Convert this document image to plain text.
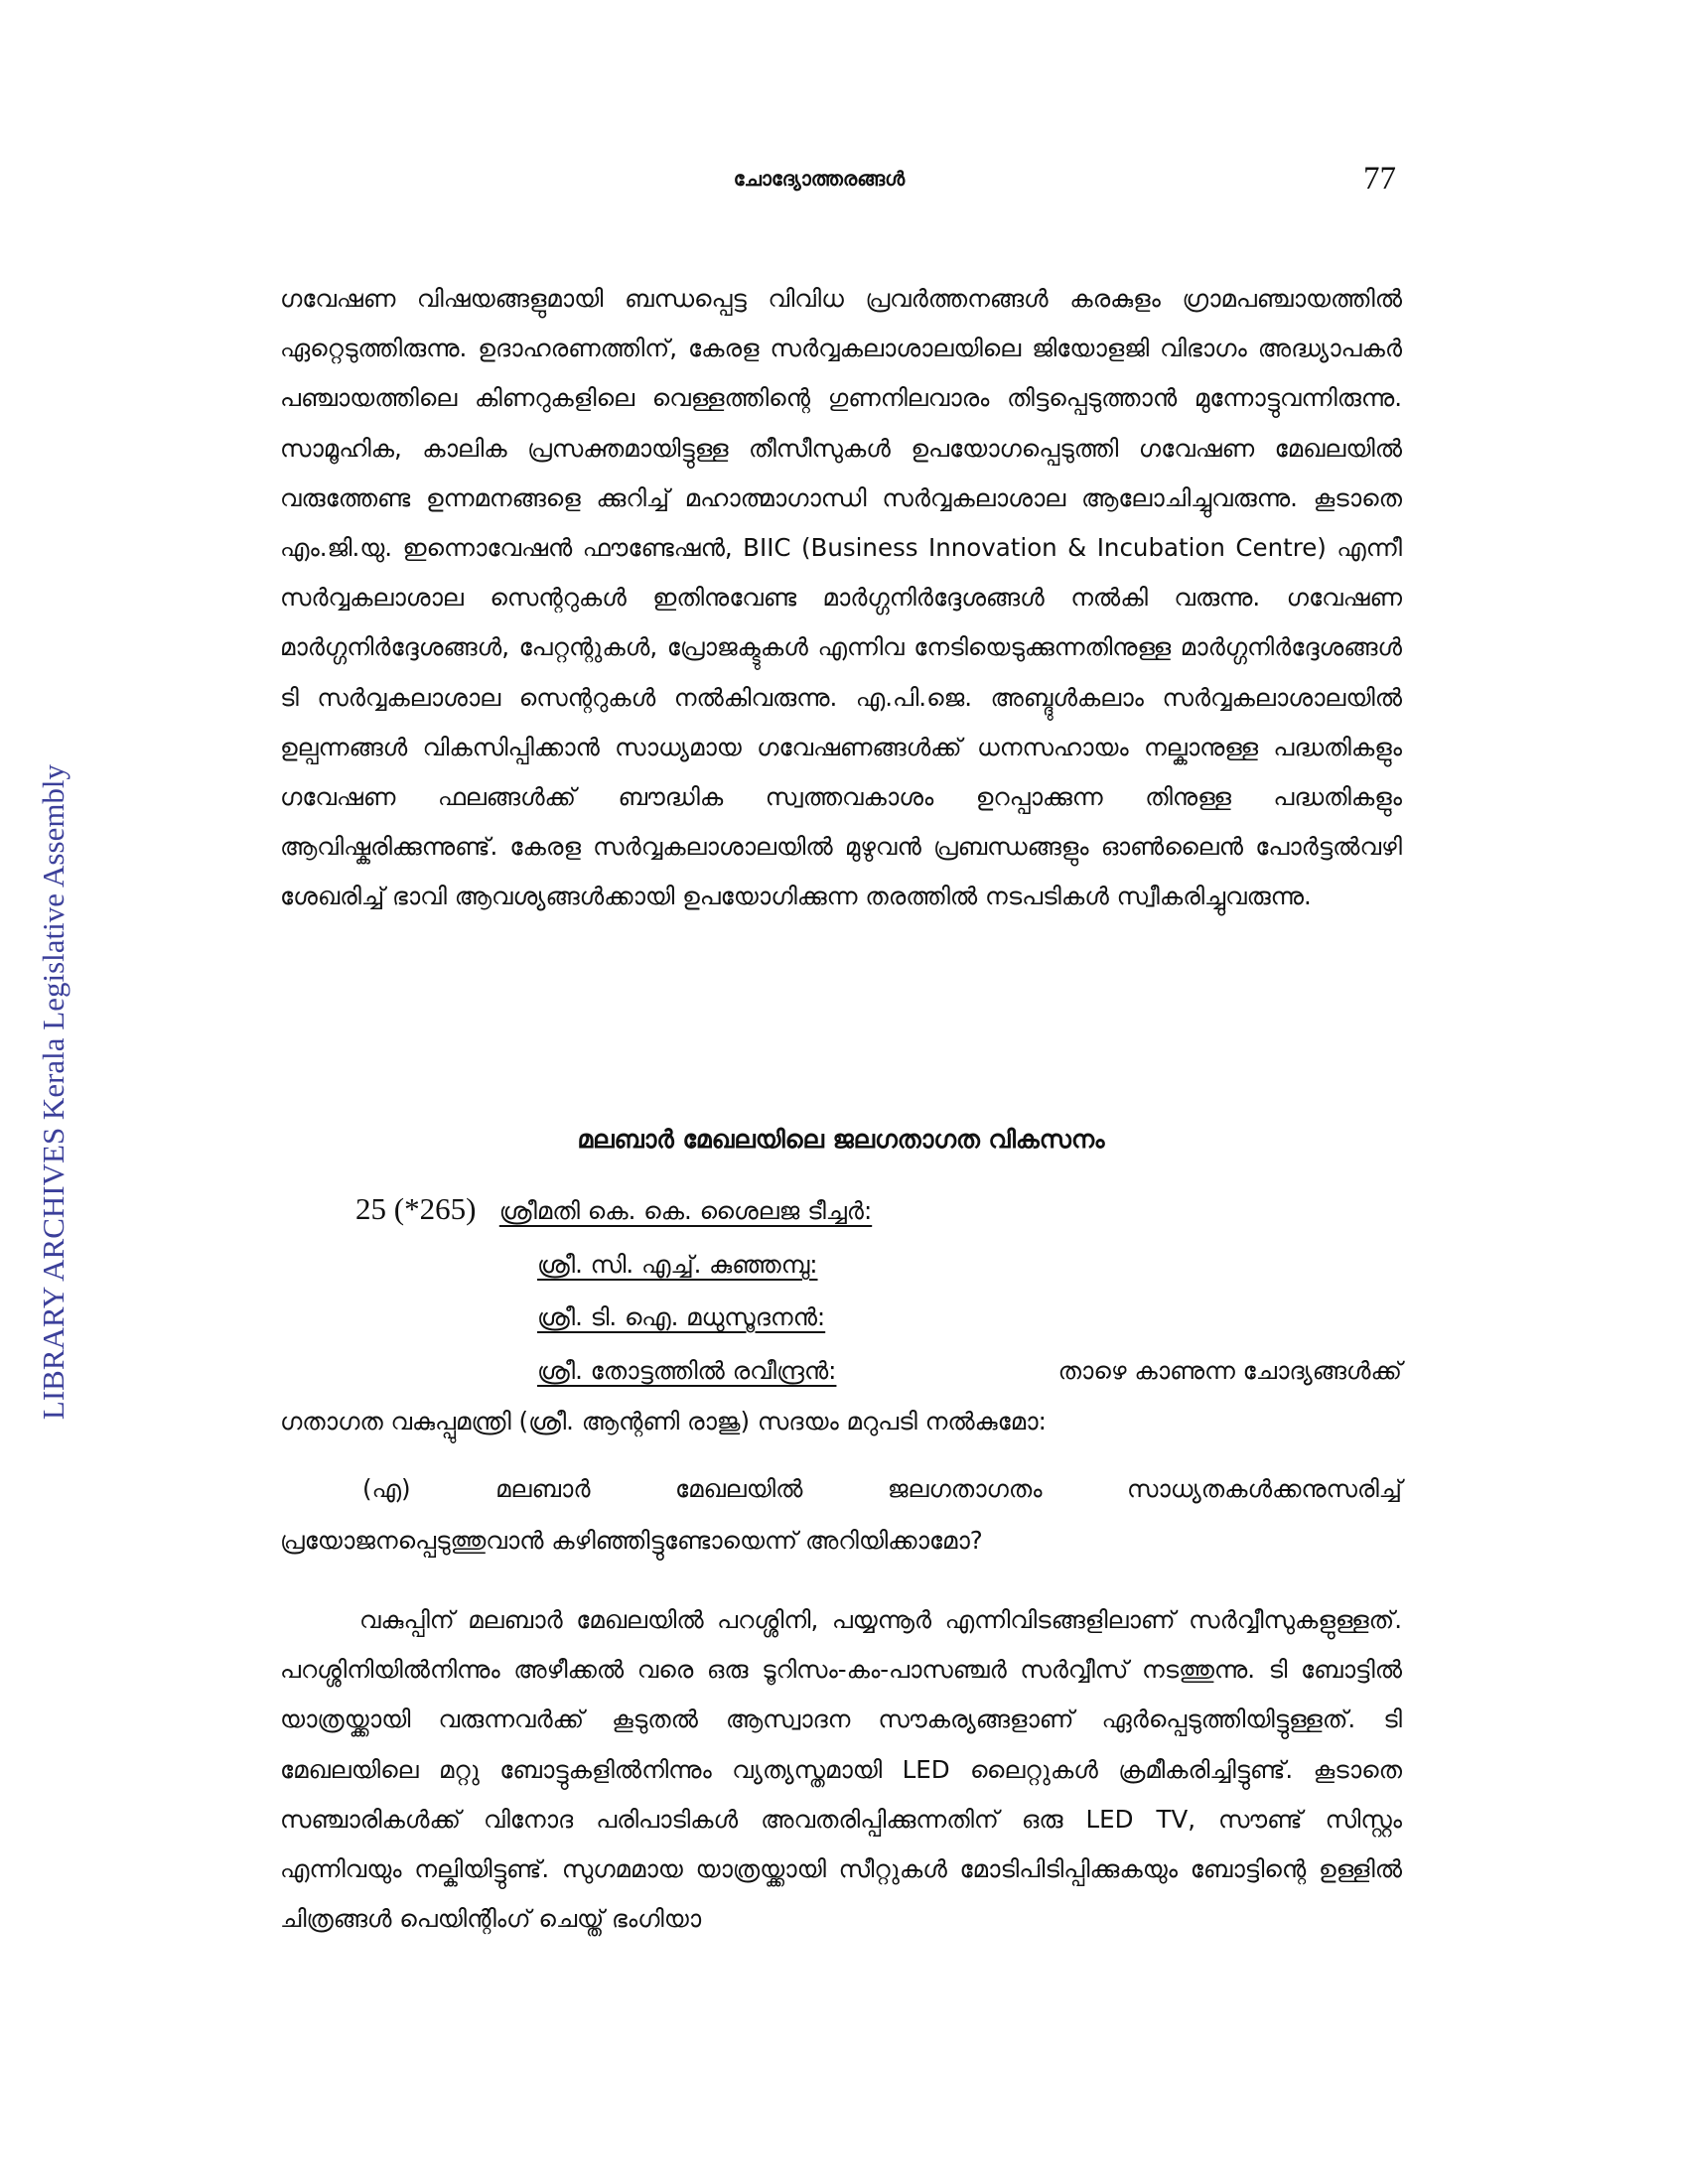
LIBRARY ARCHIVES Kerala Legislative Assembly
ചോദ്യോത്തരങ്ങൾ	77
ഗവേഷണ വിഷയങ്ങളുമായി ബന്ധപ്പെട്ട വിവിധ പ്രവർത്തനങ്ങൾ കരകുളം ഗ്രാമപഞ്ചായത്തിൽ ഏറ്റെടുത്തിരുന്നു. ഉദാഹരണത്തിന്, കേരള സർവ്വകലാശാലയിലെ ജിയോളജി വിഭാഗം അദ്ധ്യാപകർ പഞ്ചായത്തിലെ കിണറുകളിലെ വെള്ളത്തിന്റെ ഗുണനിലവാരം തിട്ടപ്പെടുത്താൻ മുന്നോട്ടുവന്നിരുന്നു. സാമൂഹിക, കാലിക പ്രസക്തമായിട്ടുള്ള തീസീസുകൾ ഉപയോഗപ്പെടുത്തി ഗവേഷണ മേഖലയിൽ വരുത്തേണ്ട ഉന്നമനങ്ങളെ ക്കുറിച്ച് മഹാത്മാഗാന്ധി സർവ്വകലാശാല ആലോചിച്ചുവരുന്നു. കൂടാതെ എം.ജി.യു. ഇന്നൊവേഷൻ ഫൗണ്ടേഷൻ, BIIC (Business Innovation & Incubation Centre) എന്നീ സർവ്വകലാശാല സെന്ററുകൾ ഇതിനുവേണ്ട മാർഗ്ഗനിർദ്ദേശങ്ങൾ നൽകി വരുന്നു. ഗവേഷണ മാർഗ്ഗനിർദ്ദേശങ്ങൾ, പേറ്റന്റുകൾ, പ്രോജക്ടുകൾ എന്നിവ നേടിയെടുക്കുന്നതിനുള്ള മാർഗ്ഗനിർദ്ദേശങ്ങൾ ടി സർവ്വകലാശാല സെന്ററുകൾ നൽകിവരുന്നു. എ.പി.ജെ. അബ്ദുൾകലാം സർവ്വകലാശാലയിൽ ഉല്പന്നങ്ങൾ വികസിപ്പിക്കാൻ സാധ്യമായ ഗവേഷണങ്ങൾക്ക് ധനസഹായം നല്കാനുള്ള പദ്ധതികളും ഗവേഷണ ഫലങ്ങൾക്ക് ബൗദ്ധിക സ്വത്തവകാശം ഉറപ്പാക്കുന്ന തിനുള്ള പദ്ധതികളും ആവിഷ്കരിക്കുന്നുണ്ട്. കേരള സർവ്വകലാശാലയിൽ മുഴുവൻ പ്രബന്ധങ്ങളും ഓൺലൈൻ പോർട്ടൽവഴി ശേഖരിച്ച് ഭാവി ആവശ്യങ്ങൾക്കായി ഉപയോഗിക്കുന്ന തരത്തിൽ നടപടികൾ സ്വീകരിച്ചുവരുന്നു.
മലബാർ മേഖലയിലെ ജലഗതാഗത വികസനം
25 (*265) ശ്രീമതി കെ. കെ. ശൈലജ ടീച്ചർ:
ശ്രീ. സി. എച്ച്. കുഞ്ഞമ്പു:
ശ്രീ. ടി. ഐ. മധുസൂദനൻ:
ശ്രീ. തോട്ടത്തിൽ രവീന്ദ്രൻ:	താഴെ കാണുന്ന ചോദ്യങ്ങൾക്ക്
ഗതാഗത വകുപ്പുമന്ത്രി (ശ്രീ. ആന്റണി രാജു) സദയം മറുപടി നൽകുമോ:
(എ)	മലബാർ	മേഖലയിൽ	ജലഗതാഗതം	സാധ്യതകൾക്കനുസരിച്ച്
പ്രയോജനപ്പെടുത്തുവാൻ കഴിഞ്ഞിട്ടുണ്ടോയെന്ന് അറിയിക്കാമോ?
വകുപ്പിന് മലബാർ മേഖലയിൽ പറശ്ശിനി, പയ്യന്നൂർ എന്നിവിടങ്ങളിലാണ് സർവ്വീസുകളുള്ളത്. പറശ്ശിനിയിൽനിന്നും അഴീക്കൽ വരെ ഒരു ടൂറിസം-കം-പാസഞ്ചർ സർവ്വീസ് നടത്തുന്നു. ടി ബോട്ടിൽ യാത്രയ്ക്കായി വരുന്നവർക്ക് കൂടുതൽ ആസ്വാദന സൗകര്യങ്ങളാണ് ഏർപ്പെടുത്തിയിട്ടുള്ളത്. ടി മേഖലയിലെ മറ്റു ബോട്ടുകളിൽനിന്നും വ്യത്യസ്തമായി LED ലൈറ്റുകൾ ക്രമീകരിച്ചിട്ടുണ്ട്. കൂടാതെ സഞ്ചാരികൾക്ക് വിനോദ പരിപാടികൾ അവതരിപ്പിക്കുന്നതിന് ഒരു LED TV, സൗണ്ട് സിസ്റ്റം എന്നിവയും നല്കിയിട്ടുണ്ട്. സുഗമമായ യാത്രയ്ക്കായി സീറ്റുകൾ മോടിപിടിപ്പിക്കുകയും ബോട്ടിന്റെ ഉള്ളിൽ ചിത്രങ്ങൾ പെയിന്റിംഗ് ചെയ്ത് ഭംഗിയാ
